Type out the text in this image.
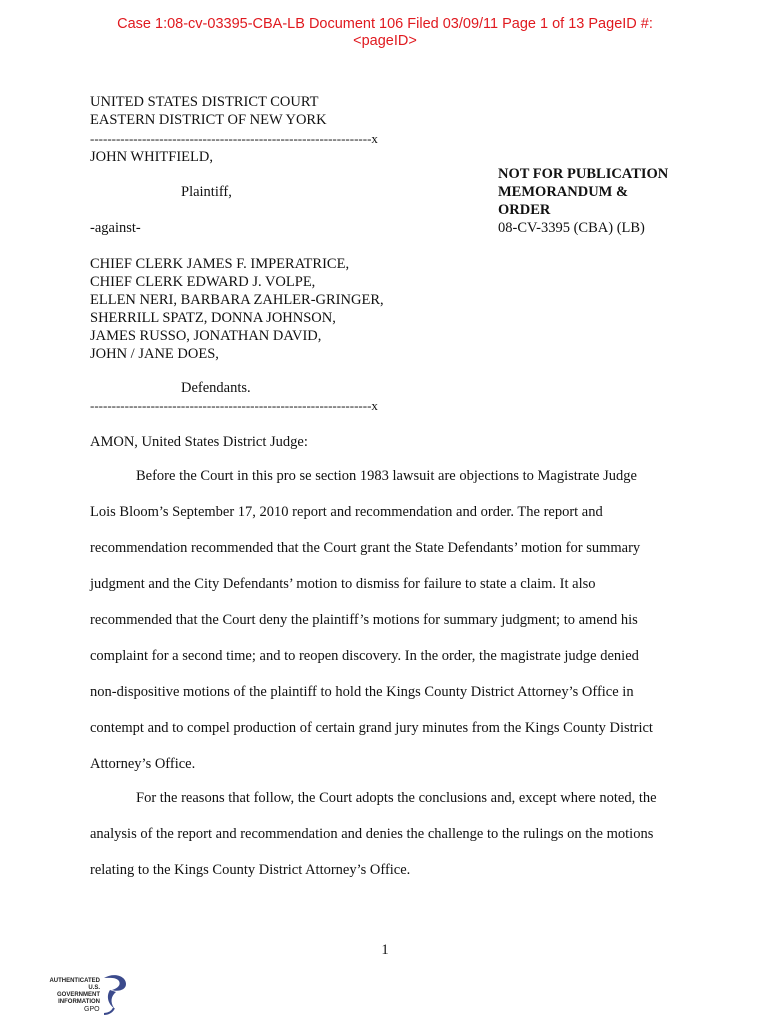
Case 1:08-cv-03395-CBA-LB Document 106 Filed 03/09/11 Page 1 of 13 PageID #:
<pageID>
UNITED STATES DISTRICT COURT
EASTERN DISTRICT OF NEW YORK
-----------------------------------------------------------------x
JOHN WHITFIELD,
Plaintiff,
-against-
NOT FOR PUBLICATION
MEMORANDUM &
ORDER
08-CV-3395 (CBA) (LB)
CHIEF CLERK JAMES F. IMPERATRICE,
CHIEF CLERK EDWARD J. VOLPE,
ELLEN NERI, BARBARA ZAHLER-GRINGER,
SHERRILL SPATZ, DONNA JOHNSON,
JAMES RUSSO, JONATHAN DAVID,
JOHN / JANE DOES,
Defendants.
-----------------------------------------------------------------x
AMON, United States District Judge:
Before the Court in this pro se section 1983 lawsuit are objections to Magistrate Judge
Lois Bloom’s September 17, 2010 report and recommendation and order. The report and
recommendation recommended that the Court grant the State Defendants’ motion for summary
judgment and the City Defendants’ motion to dismiss for failure to state a claim. It also
recommended that the Court deny the plaintiff’s motions for summary judgment; to amend his
complaint for a second time; and to reopen discovery. In the order, the magistrate judge denied
non-dispositive motions of the plaintiff to hold the Kings County District Attorney’s Office in
contempt and to compel production of certain grand jury minutes from the Kings County District
Attorney’s Office.
For the reasons that follow, the Court adopts the conclusions and, except where noted, the
analysis of the report and recommendation and denies the challenge to the rulings on the motions
relating to the Kings County District Attorney’s Office.
1
AUTHENTICATED
U.S. GOVERNMENT
INFORMATION
GPO
